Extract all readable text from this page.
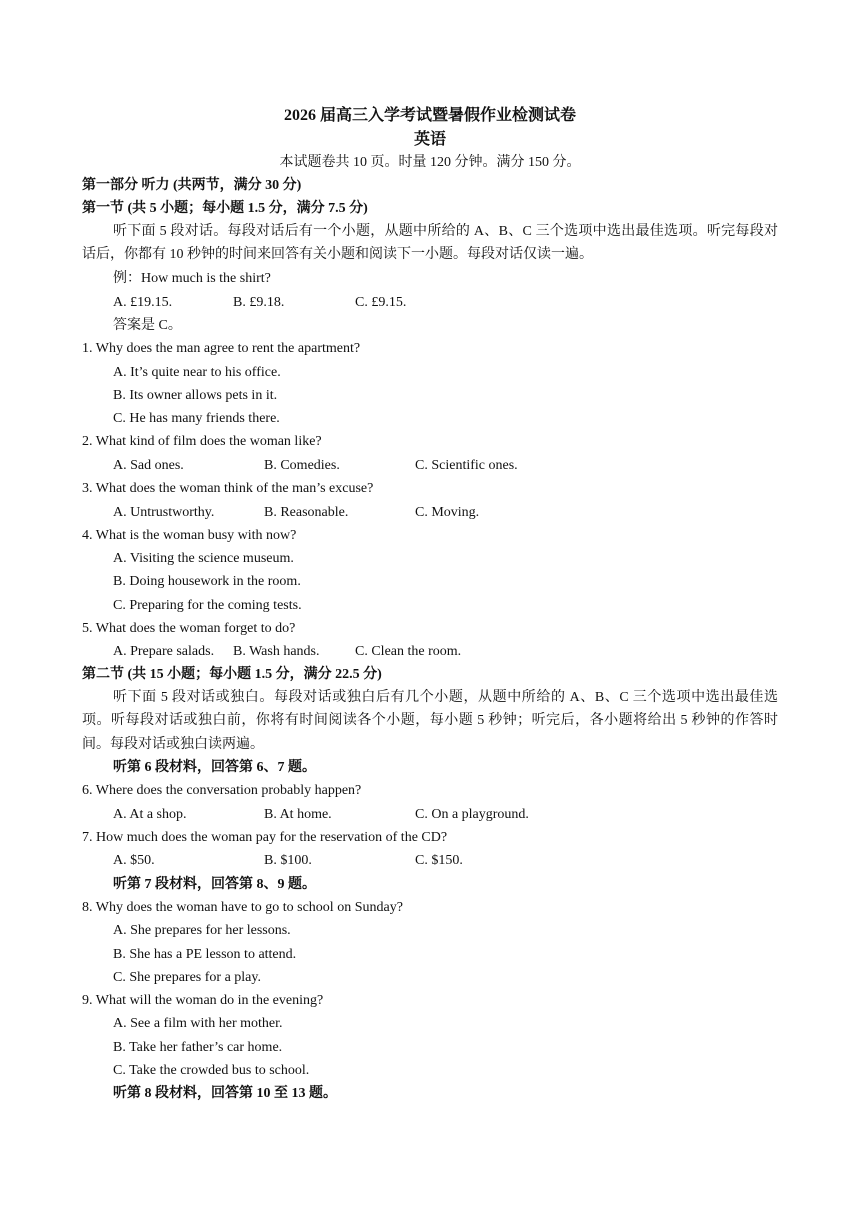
2026 届高三入学考试暨暑假作业检测试卷
英语
本试题卷共 10 页。时量 120 分钟。满分 150 分。
第一部分 听力 (共两节，满分 30 分)
第一节 (共 5 小题；每小题 1.5 分，满分 7.5 分)
听下面 5 段对话。每段对话后有一个小题，从题中所给的 A、B、C 三个选项中选出最佳选项。听完每段对话后，你都有 10 秒钟的时间来回答有关小题和阅读下一小题。每段对话仅读一遍。
例：How much is the shirt?
A. £19.15.	B. £9.18.	C. £9.15.
答案是 C。
1. Why does the man agree to rent the apartment?
A. It’s quite near to his office.
B. Its owner allows pets in it.
C. He has many friends there.
2. What kind of film does the woman like?
A. Sad ones.	B. Comedies.	C. Scientific ones.
3. What does the woman think of the man’s excuse?
A. Untrustworthy.	B. Reasonable.	C. Moving.
4. What is the woman busy with now?
A. Visiting the science museum.
B. Doing housework in the room.
C. Preparing for the coming tests.
5. What does the woman forget to do?
A. Prepare salads. B. Wash hands.	C. Clean the room.
第二节 (共 15 小题；每小题 1.5 分，满分 22.5 分)
听下面 5 段对话或独白。每段对话或独白后有几个小题，从题中所给的 A、B、C 三个选项中选出最佳选项。听每段对话或独白前，你将有时间阅读各个小题，每小题 5 秒钟；听完后，各小题将给出 5 秒钟的作答时间。每段对话或独白读两遍。
听第 6 段材料，回答第 6、7 题。
6. Where does the conversation probably happen?
A. At a shop.	B. At home.	C. On a playground.
7. How much does the woman pay for the reservation of the CD?
A. $50.	B. $100.	C. $150.
听第 7 段材料，回答第 8、9 题。
8. Why does the woman have to go to school on Sunday?
A. She prepares for her lessons.
B. She has a PE lesson to attend.
C. She prepares for a play.
9. What will the woman do in the evening?
A. See a film with her mother.
B. Take her father’s car home.
C. Take the crowded bus to school.
听第 8 段材料，回答第 10 至 13 题。
